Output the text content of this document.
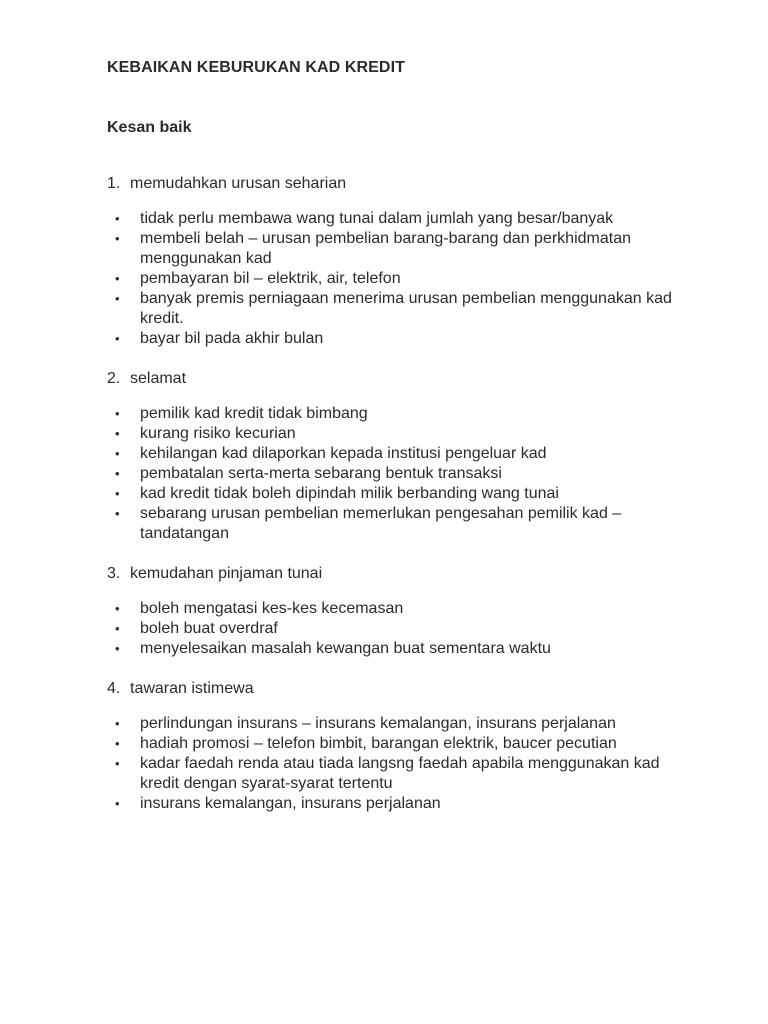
KEBAIKAN KEBURUKAN KAD KREDIT
Kesan baik

1. memudahkan urusan seharian

• tidak perlu membawa wang tunai dalam jumlah yang besar/banyak
• membeli belah – urusan pembelian barang-barang dan perkhidmatan menggunakan kad
• pembayaran bil – elektrik, air, telefon
• banyak premis perniagaan menerima urusan pembelian menggunakan kad kredit.
• bayar bil pada akhir bulan

2. selamat

• pemilik kad kredit tidak bimbang
• kurang risiko kecurian
• kehilangan kad dilaporkan kepada institusi pengeluar kad
• pembatalan serta-merta sebarang bentuk transaksi
• kad kredit tidak boleh dipindah milik berbanding wang tunai
• sebarang urusan pembelian memerlukan pengesahan pemilik kad – tandatangan

3. kemudahan pinjaman tunai

• boleh mengatasi kes-kes kecemasan
• boleh buat overdraf
• menyelesaikan masalah kewangan buat sementara waktu

4. tawaran istimewa

• perlindungan insurans – insurans kemalangan, insurans perjalanan
• hadiah promosi – telefon bimbit, barangan elektrik, baucer pecutian
• kadar faedah renda atau tiada langsng faedah apabila menggunakan kad kredit dengan syarat-syarat tertentu
• insurans kemalangan, insurans perjalanan
